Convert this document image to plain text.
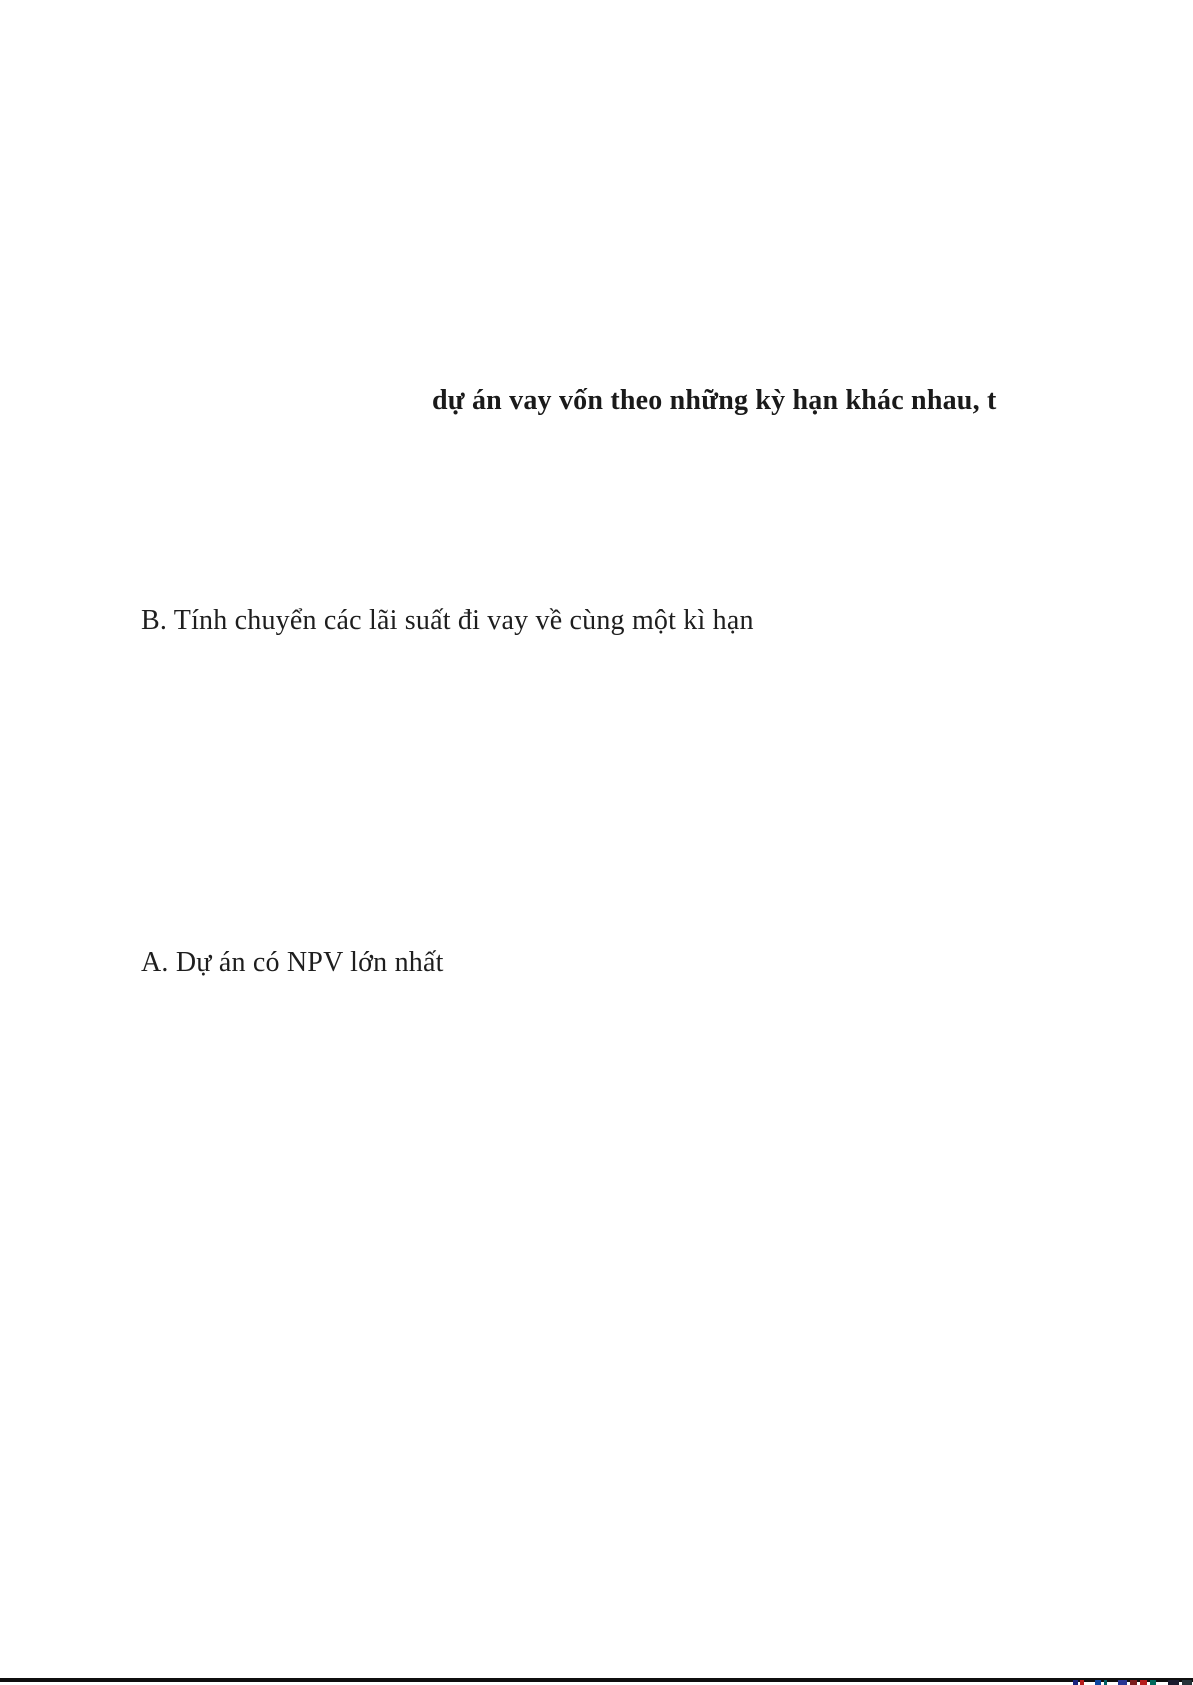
dự án vay vốn theo những kỳ hạn khác nhau, t
B. Tính chuyển các lãi suất đi vay về cùng một kì hạn
A. Dự án có NPV lớn nhất
